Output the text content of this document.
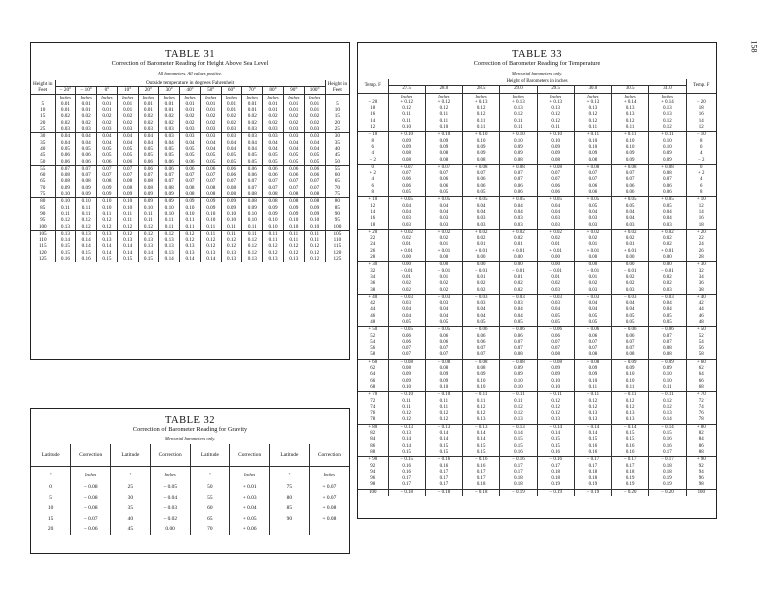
158
TABLE 31
Correction of Barometer Reading for Height Above Sea Level
All barometers. All values positive.
Height in Feet	Outside temperature in degrees Fahrenheit													Height in Feet
	− 20°	− 10°	0°	10°	20°	30°	40°	50°	60°	70°	80°	90°	100°	
	Inches	Inches	Inches	Inches	Inches	Inches	Inches	Inches	Inches	Inches	Inches	Inches	Inches	
5	0.01	0.01	0.01	0.01	0.01	0.01	0.01	0.01	0.01	0.01	0.01	0.01	0.01	5
10	0.01	0.01	0.01	0.01	0.01	0.01	0.01	0.01	0.01	0.01	0.01	0.01	0.01	10
15	0.02	0.02	0.02	0.02	0.02	0.02	0.02	0.02	0.02	0.02	0.02	0.02	0.02	15
20	0.02	0.02	0.02	0.02	0.02	0.02	0.02	0.02	0.02	0.02	0.02	0.02	0.02	20
25	0.03	0.03	0.03	0.03	0.03	0.03	0.03	0.03	0.03	0.03	0.03	0.03	0.03	25
30	0.04	0.04	0.04	0.04	0.04	0.03	0.03	0.03	0.03	0.03	0.03	0.03	0.03	30
35	0.04	0.04	0.04	0.04	0.04	0.04	0.04	0.04	0.04	0.04	0.04	0.04	0.04	35
40	0.05	0.05	0.05	0.05	0.05	0.05	0.05	0.04	0.04	0.04	0.04	0.04	0.04	40
45	0.06	0.06	0.05	0.05	0.05	0.05	0.05	0.05	0.05	0.05	0.05	0.05	0.05	45
50	0.06	0.06	0.06	0.06	0.06	0.06	0.06	0.05	0.05	0.05	0.05	0.05	0.05	50
55	0.07	0.07	0.07	0.07	0.06	0.06	0.06	0.06	0.06	0.06	0.06	0.06	0.06	55
60	0.08	0.07	0.07	0.07	0.07	0.07	0.07	0.07	0.06	0.06	0.06	0.06	0.06	60
65	0.08	0.08	0.08	0.08	0.08	0.07	0.07	0.07	0.07	0.07	0.07	0.07	0.07	65
70	0.09	0.09	0.09	0.08	0.08	0.08	0.08	0.08	0.08	0.07	0.07	0.07	0.07	70
75	0.10	0.09	0.09	0.09	0.09	0.09	0.08	0.08	0.08	0.08	0.08	0.08	0.08	75
80	0.10	0.10	0.10	0.10	0.09	0.09	0.09	0.09	0.09	0.08	0.08	0.08	0.08	80
85	0.11	0.11	0.10	0.10	0.10	0.10	0.10	0.09	0.09	0.09	0.09	0.09	0.09	85
90	0.11	0.11	0.11	0.11	0.11	0.10	0.10	0.10	0.10	0.10	0.09	0.09	0.09	90
95	0.12	0.12	0.12	0.11	0.11	0.11	0.11	0.10	0.10	0.10	0.10	0.10	0.10	95
100	0.13	0.12	0.12	0.12	0.12	0.11	0.11	0.11	0.11	0.11	0.10	0.10	0.10	100
105	0.13	0.13	0.13	0.12	0.12	0.12	0.12	0.11	0.11	0.11	0.11	0.11	0.11	105
110	0.14	0.14	0.13	0.13	0.13	0.13	0.12	0.12	0.12	0.12	0.11	0.11	0.11	110
115	0.15	0.14	0.14	0.14	0.13	0.13	0.13	0.12	0.12	0.12	0.12	0.12	0.12	115
120	0.15	0.15	0.14	0.14	0.14	0.13	0.13	0.13	0.13	0.12	0.12	0.12	0.12	120
125	0.16	0.16	0.15	0.15	0.15	0.14	0.14	0.14	0.13	0.13	0.13	0.13	0.12	125
TABLE 32
Correction of Barometer Reading for Gravity
Mercurial barometers only.
Latitude	Correction	Latitude	Correction	Latitude	Correction	Latitude	Correction
°	Inches	°	Inches	°	Inches	°	Inches
0	− 0.08	25	− 0.05	50	+ 0.01	75	+ 0.07
5	− 0.08	30	− 0.04	55	+ 0.03	80	+ 0.07
10	− 0.08	35	− 0.03	60	+ 0.04	85	+ 0.08
15	− 0.07	40	− 0.02	65	+ 0.05	90	+ 0.08
20	− 0.06	45	0.00	70	+ 0.06		
TABLE 33
Correction of Barometer Reading for Temperature
Mercurial barometers only.
Temp. F	Height of Barometers in inches								Temp. F
	27.5	28.0	28.5	29.0	29.5	30.0	30.5	31.0	
	Inches	Inches	Inches	Inches	Inches	Inches	Inches	Inches	
− 20	+ 0.12	+ 0.12	+ 0.13	+ 0.13	+ 0.13	+ 0.13	+ 0.14	+ 0.14	− 20
18	0.12	0.12	0.12	0.13	0.13	0.13	0.13	0.13	18
16	0.11	0.11	0.12	0.12	0.12	0.12	0.13	0.13	16
14	0.11	0.11	0.11	0.11	0.12	0.12	0.12	0.12	14
12	0.10	0.10	0.11	0.11	0.11	0.11	0.11	0.12	12
− 10	+ 0.10	+ 0.10	+ 0.10	+ 0.10	+ 0.10	+ 0.11	+ 0.11	+ 0.11	− 10
8	0.09	0.09	0.10	0.10	0.10	0.10	0.10	0.10	8
6	0.09	0.09	0.09	0.09	0.09	0.10	0.10	0.10	6
4	0.08	0.08	0.09	0.09	0.09	0.09	0.09	0.09	4
− 2	0.08	0.08	0.08	0.08	0.08	0.08	0.09	0.09	− 2
0	+ 0.07	+ 0.07	+ 0.08	+ 0.08	+ 0.08	+ 0.08	+ 0.08	+ 0.08	0
+ 2	0.07	0.07	0.07	0.07	0.07	0.07	0.07	0.08	+ 2
4	0.06	0.06	0.06	0.07	0.07	0.07	0.07	0.07	4
6	0.06	0.06	0.06	0.06	0.06	0.06	0.06	0.06	6
8	0.05	0.05	0.05	0.06	0.06	0.06	0.06	0.06	8
+ 10	+ 0.05	+ 0.05	+ 0.05	+ 0.05	+ 0.05	+ 0.05	+ 0.05	+ 0.05	+ 10
12	0.04	0.04	0.04	0.04	0.04	0.05	0.05	0.05	12
14	0.04	0.04	0.04	0.04	0.04	0.04	0.04	0.04	14
16	0.03	0.03	0.03	0.03	0.03	0.03	0.04	0.04	16
18	0.03	0.03	0.03	0.03	0.03	0.03	0.03	0.03	18
+ 20	+ 0.02	+ 0.02	+ 0.02	+ 0.02	+ 0.02	+ 0.02	+ 0.02	+ 0.02	+ 20
22	0.02	0.02	0.02	0.02	0.02	0.02	0.02	0.02	22
24	0.01	0.01	0.01	0.01	0.01	0.01	0.01	0.02	24
26	+ 0.01	+ 0.01	+ 0.01	+ 0.01	+ 0.01	+ 0.01	+ 0.01	+ 0.01	26
28	0.00	0.00	0.00	0.00	0.00	0.00	0.00	0.00	28
+ 30	0.00	0.00	0.00	0.00	0.00	0.00	0.00	0.00	+ 30
32	− 0.01	− 0.01	− 0.01	− 0.01	− 0.01	− 0.01	− 0.01	− 0.01	32
34	0.01	0.01	0.01	0.01	0.01	0.01	0.02	0.02	34
36	0.02	0.02	0.02	0.02	0.02	0.02	0.02	0.02	36
38	0.02	0.02	0.02	0.02	0.03	0.03	0.03	0.03	38
+ 40	− 0.03	− 0.03	− 0.03	− 0.03	− 0.03	− 0.03	− 0.03	− 0.03	+ 40
42	0.03	0.03	0.03	0.03	0.03	0.04	0.04	0.04	42
44	0.04	0.04	0.04	0.04	0.04	0.04	0.04	0.04	44
46	0.04	0.04	0.04	0.04	0.05	0.05	0.05	0.05	46
48	0.05	0.05	0.05	0.05	0.05	0.05	0.05	0.05	48
+ 50	− 0.05	− 0.05	− 0.06	− 0.06	− 0.06	− 0.06	− 0.06	− 0.06	+ 50
52	0.06	0.06	0.06	0.06	0.06	0.06	0.06	0.07	52
54	0.06	0.06	0.06	0.07	0.07	0.07	0.07	0.07	54
56	0.07	0.07	0.07	0.07	0.07	0.07	0.07	0.08	56
58	0.07	0.07	0.07	0.08	0.08	0.08	0.08	0.08	58
+ 60	− 0.08	− 0.08	− 0.08	− 0.08	− 0.08	− 0.08	− 0.09	− 0.09	+ 60
62	0.08	0.08	0.08	0.09	0.09	0.09	0.09	0.09	62
64	0.09	0.09	0.09	0.09	0.09	0.09	0.10	0.10	64
66	0.09	0.09	0.10	0.10	0.10	0.10	0.10	0.10	66
68	0.10	0.10	0.10	0.10	0.10	0.11	0.11	0.11	68
+ 70	− 0.10	− 0.10	− 0.11	− 0.11	− 0.11	− 0.11	− 0.11	− 0.11	+ 70
72	0.11	0.11	0.11	0.11	0.12	0.12	0.12	0.12	72
74	0.11	0.11	0.12	0.12	0.12	0.12	0.12	0.12	74
76	0.12	0.12	0.12	0.12	0.12	0.13	0.13	0.13	76
78	0.12	0.12	0.13	0.13	0.13	0.13	0.13	0.14	78
+ 80	− 0.13	− 0.13	− 0.13	− 0.13	− 0.14	− 0.14	− 0.14	− 0.14	+ 80
82	0.13	0.14	0.14	0.14	0.14	0.14	0.15	0.15	82
84	0.14	0.14	0.14	0.15	0.15	0.15	0.15	0.16	84
86	0.14	0.15	0.15	0.15	0.15	0.16	0.16	0.16	86
88	0.15	0.15	0.15	0.16	0.16	0.16	0.16	0.17	88
+ 90	− 0.15	− 0.16	− 0.16	− 0.16	− 0.16	− 0.17	− 0.17	− 0.17	+ 90
92	0.16	0.16	0.16	0.17	0.17	0.17	0.17	0.18	92
94	0.16	0.17	0.17	0.17	0.18	0.18	0.18	0.18	94
96	0.17	0.17	0.17	0.18	0.18	0.18	0.19	0.19	96
98	0.17	0.17	0.18	0.18	0.19	0.19	0.19	0.19	98
100	− 0.18	− 0.18	− 0.18	− 0.19	− 0.19	− 0.19	− 0.20	− 0.20	100
